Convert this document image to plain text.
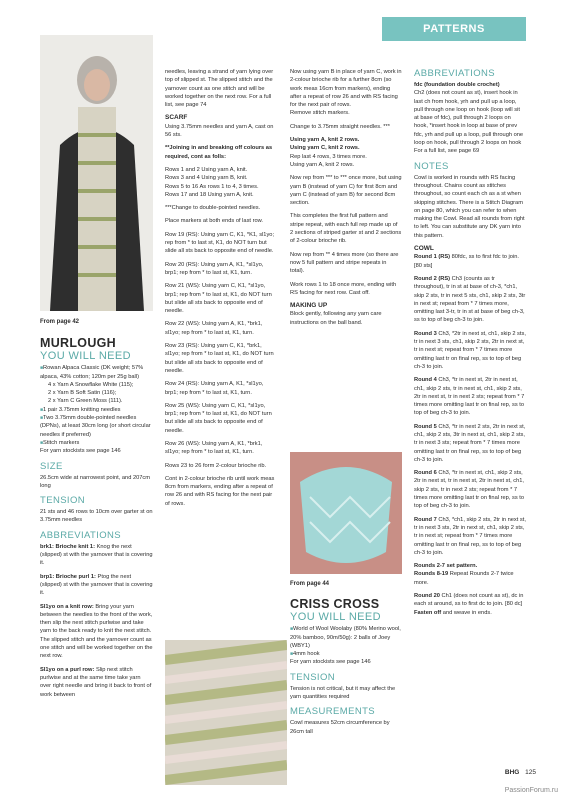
PATTERNS
From page 42
MURLOUGH
YOU WILL NEED
■ Rowan Alpaca Classic (DK weight; 57% alpaca, 43% cotton; 120m per 25g ball)
4 x Yarn A Snowflake White (115);
2 x Yarn B Soft Satin (116);
2 x Yarn C Green Moss (111).
■ 1 pair 3.75mm knitting needles
■ Two 3.75mm double-pointed needles (DPNs), at least 30cm long (or short circular needles if preferred)
■ Stitch markers

For yarn stockists see page 146

SIZE

26.5cm wide at narrowest point, and 207cm long

TENSION

21 sts and 46 rows to 10cm over garter st on 3.75mm needles

ABBREVIATIONS

brk1: Brioche knit 1: Knog the next (slipped) st with the yarnover that is covering it.

brp1: Brioche purl 1: Ptog the next (slipped) st with the yarnover that is covering it.

Sl1yo on a knit row: Bring your yarn between the needles to the front of the work, then slip the next stitch purlwise and take yarn to the back ready to knit the next stitch. The slipped stitch and the yarnover count as one stitch and will be worked together on the next row.

Sl1yo on a purl row: Slip next stitch purlwise and at the same time take yarn over right needle and bring it back to front of work between

needles, leaving a strand of yarn lying over top of slipped st. The slipped stitch and the yarnover count as one stitch and will be worked together on the next row. For a full list, see page 74

SCARF

Using 3.75mm needles and yarn A, cast on 56 sts.

**Joining in and breaking off colours as required, cont as folls:

Rows 1 and 2 Using yarn A, knit.
Rows 3 and 4 Using yarn B, knit.
Rows 5 to 16 As rows 1 to 4, 3 times.
Rows 17 and 18 Using yarn A, knit.

***Change to double-pointed needles.

Place markers at both ends of last row.

Row 19 (RS): Using yarn C, K1, *K1, sl1yo; rep from * to last st, K1, do NOT turn but slide all sts back to opposite end of needle.

Row 20 (RS): Using yarn A, K1, *sl1yo, brp1; rep from * to last st, K1, turn.

Row 21 (WS): Using yarn C, K1, *sl1yo, brp1; rep from * to last st, K1, do NOT turn but slide all sts back to opposite end of needle.

Row 22 (WS): Using yarn A, K1, *brk1, sl1yo; rep from * to last st, K1, turn.

Row 23 (RS): Using yarn C, K1, *brk1, sl1yo; rep from * to last st, K1, do NOT turn but slide all sts back to opposite end of needle.

Row 24 (RS): Using yarn A, K1, *sl1yo, brp1; rep from * to last st, K1, turn.

Row 25 (WS): Using yarn C, K1, *sl1yo, brp1; rep from * to last st, K1, do NOT turn but slide all sts back to opposite end of needle.

Row 26 (WS): Using yarn A, K1, *brk1, sl1yo; rep from * to last st, K1, turn.

Rows 23 to 26 form 2-colour brioche rib.

Cont in 2-colour brioche rib until work meas 8cm from markers, ending after a repeat of row 26 and with RS facing for the next pair of rows.

Now using yarn B in place of yarn C, work in 2-colour brioche rib for a further 8cm (so work meas 16cm from markers), ending after a repeat of row 26 and with RS facing for the next pair of rows.

Remove stitch markers.

Change to 3.75mm straight needles. ***

Using yarn A, knit 2 rows.

Using yarn C, knit 2 rows.

Rep last 4 rows, 3 times more.

Using yarn A, knit 2 rows.

Now rep from *** to *** once more, but using yarn B (instead of yarn C) for first 8cm and yarn C (instead of yarn B) for second 8cm section.

This completes the first full pattern and stripe repeat, with each full rep made up of 2 sections of striped garter st and 2 sections of 2-colour brioche rib.

Now rep from ** 4 times more (so there are now 5 full pattern and stripe repeats in total).

Work rows 1 to 18 once more, ending with RS facing for next row. Cast off.

MAKING UP

Block gently, following any yarn care instructions on the ball band.

From page 44
CRISS CROSS
YOU WILL NEED
■ World of Wool Woolaby (80% Merino wool, 20% bamboo, 90m/50g): 2 balls of Joey (WBY1)
■ 4mm hook

For yarn stockists see page 146

TENSION

Tension is not critical, but it may affect the yarn quantities required

MEASUREMENTS

Cowl measures 52cm circumference by 26cm tall

ABBREVIATIONS
fdc (foundation double crochet)

Ch2 (does not count as st), insert hook in last ch from hook, yrh and pull up a loop, pull through one loop on hook (loop will sit at base of fdc), pull through 2 loops on hook, *insert hook in loop at base of prev fdc, yrh and pull up a loop, pull through one loop on hook, pull through 2 loops on hook

For a full list, see page 69

NOTES

Cowl is worked in rounds with RS facing throughout. Chains count as stitches throughout, so count each ch as a st when skipping stitches. There is a Stitch Diagram on page 80, which you can refer to when making the Cowl. Read all rounds from right to left. You can substitute any DK yarn into this pattern.

COWL

Round 1 (RS) 80fdc, ss to first fdc to join. [80 sts]

Round 2 (RS) Ch3 (counts as tr throughout), tr in st at base of ch-3, *ch1, skip 2 sts, tr in next 5 sts, ch1, skip 2 sts, 3tr in next st; repeat from * 7 times more, omitting last 3-tr, tr in st at base of beg ch-3, ss to top of beg ch-3 to join.

Round 3 Ch3, *2tr in next st, ch1, skip 2 sts, tr in next 3 sts, ch1, skip 2 sts, 2tr in next st, tr in next st; repeat from * 7 times more omitting last tr on final rep, ss to top of beg ch-3 to join.

Round 4 Ch3, *tr in next st, 2tr in next st, ch1, skip 2 sts, tr in next st, ch1, skip 2 sts, 2tr in next st, tr in next 2 sts; repeat from * 7 times more omitting last tr on final rep, ss to top of beg ch-3 to join.

Round 5 Ch3, *tr in next 2 sts, 2tr in next st, ch1, skip 2 sts, 3tr in next st, ch1, skip 2 sts, tr in next 3 sts; repeat from * 7 times more omitting last tr on final rep, ss to top of beg ch-3 to join.

Round 6 Ch3, *tr in next st, ch1, skip 2 sts, 2tr in next st, tr in next st, 2tr in next st, ch1, skip 2 sts, tr in next 2 sts; repeat from * 7 times more omitting last tr on final rep, ss to top of beg ch-3 to join.

Round 7 Ch3, *ch1, skip 2 sts, 2tr in next st, tr in next 3 sts, 2tr in next st, ch1, skip 2 sts, tr in next st; repeat from * 7 times more omitting last tr on final rep, ss to top of beg ch-3 to join.

Rounds 2-7 set pattern.

Rounds 8-19 Repeat Rounds 2-7 twice more.

Round 20 Ch1 (does not count as st), dc in each st around, ss to first dc to join. [80 dc]

Fasten off and weave in ends.

BHG 125
PassionForum.ru
